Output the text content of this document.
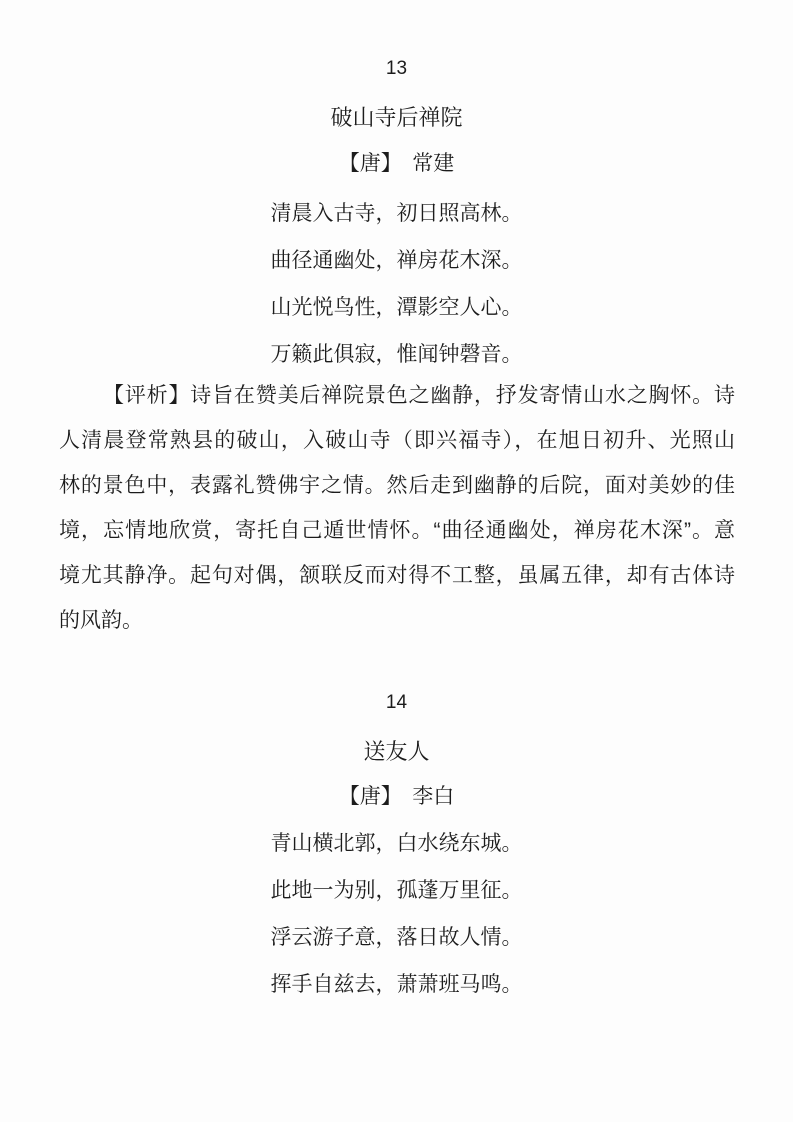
13
破山寺后禅院
【唐】　常建
清晨入古寺，初日照高林。
曲径通幽处，禅房花木深。
山光悦鸟性，潭影空人心。
万籁此俱寂，惟闻钟磬音。
【评析】诗旨在赞美后禅院景色之幽静，抒发寄情山水之胸怀。诗
人清晨登常熟县的破山，入破山寺（即兴福寺），在旭日初升、光照山
林的景色中，表露礼赞佛宇之情。然后走到幽静的后院，面对美妙的佳
境，忘情地欣赏，寄托自己遁世情怀。“曲径通幽处，禅房花木深”。意
境尤其静净。起句对偶，颔联反而对得不工整，虽属五律，却有古体诗
的风韵。
14
送友人
【唐】　李白
青山横北郭，白水绕东城。
此地一为别，孤蓬万里征。
浮云游子意，落日故人情。
挥手自兹去，萧萧班马鸣。
